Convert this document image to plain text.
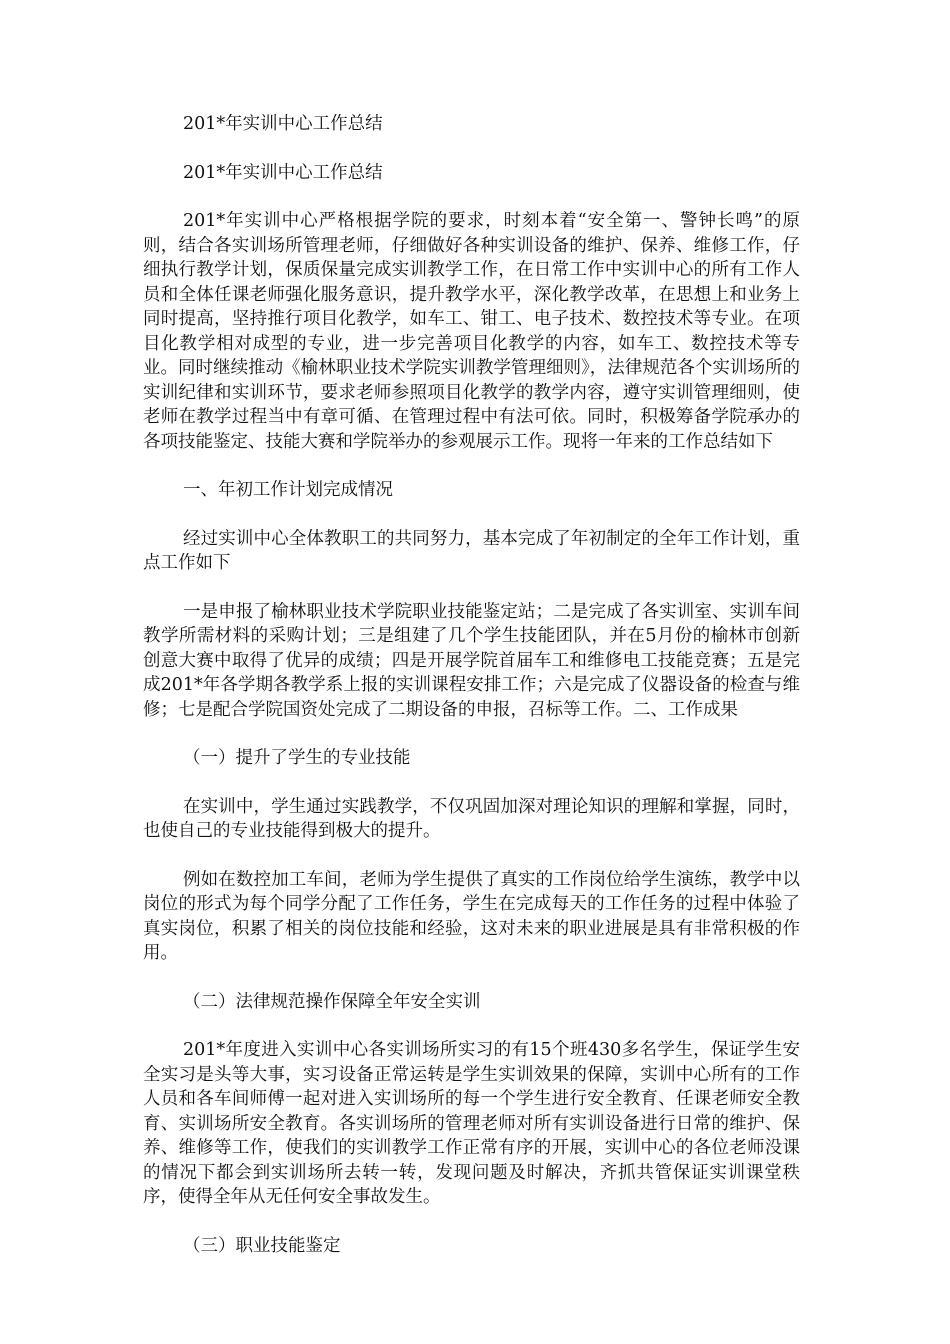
201*年实训中心工作总结

201*年实训中心工作总结

201*年实训中心严格根据学院的要求，时刻本着“安全第一、警钟长鸣”的原则，结合各实训场所管理老师，仔细做好各种实训设备的维护、保养、维修工作，仔细执行教学计划，保质保量完成实训教学工作，在日常工作中实训中心的所有工作人员和全体任课老师强化服务意识，提升教学水平，深化教学改革，在思想上和业务上同时提高，坚持推行项目化教学，如车工、钳工、电子技术、数控技术等专业。在项目化教学相对成型的专业，进一步完善项目化教学的内容，如车工、数控技术等专业。同时继续推动《榆林职业技术学院实训教学管理细则》，法律规范各个实训场所的实训纪律和实训环节，要求老师参照项目化教学的教学内容，遵守实训管理细则，使老师在教学过程当中有章可循、在管理过程中有法可依。同时，积极筹备学院承办的各项技能鉴定、技能大赛和学院举办的参观展示工作。现将一年来的工作总结如下

一、年初工作计划完成情况

经过实训中心全体教职工的共同努力，基本完成了年初制定的全年工作计划，重点工作如下

一是申报了榆林职业技术学院职业技能鉴定站；二是完成了各实训室、实训车间教学所需材料的采购计划；三是组建了几个学生技能团队，并在5月份的榆林市创新创意大赛中取得了优异的成绩；四是开展学院首届车工和维修电工技能竞赛；五是完成201*年各学期各教学系上报的实训课程安排工作；六是完成了仪器设备的检查与维修；七是配合学院国资处完成了二期设备的申报，召标等工作。二、工作成果

（一）提升了学生的专业技能

在实训中，学生通过实践教学，不仅巩固加深对理论知识的理解和掌握，同时，也使自己的专业技能得到极大的提升。

例如在数控加工车间，老师为学生提供了真实的工作岗位给学生演练，教学中以岗位的形式为每个同学分配了工作任务，学生在完成每天的工作任务的过程中体验了真实岗位，积累了相关的岗位技能和经验，这对未来的职业进展是具有非常积极的作用。

（二）法律规范操作保障全年安全实训

201*年度进入实训中心各实训场所实习的有15个班430多名学生，保证学生安全实习是头等大事，实习设备正常运转是学生实训效果的保障，实训中心所有的工作人员和各车间师傅一起对进入实训场所的每一个学生进行安全教育、任课老师安全教育、实训场所安全教育。各实训场所的管理老师对所有实训设备进行日常的维护、保养、维修等工作，使我们的实训教学工作正常有序的开展，实训中心的各位老师没课的情况下都会到实训场所去转一转，发现问题及时解决，齐抓共管保证实训课堂秩序，使得全年从无任何安全事故发生。

（三）职业技能鉴定
